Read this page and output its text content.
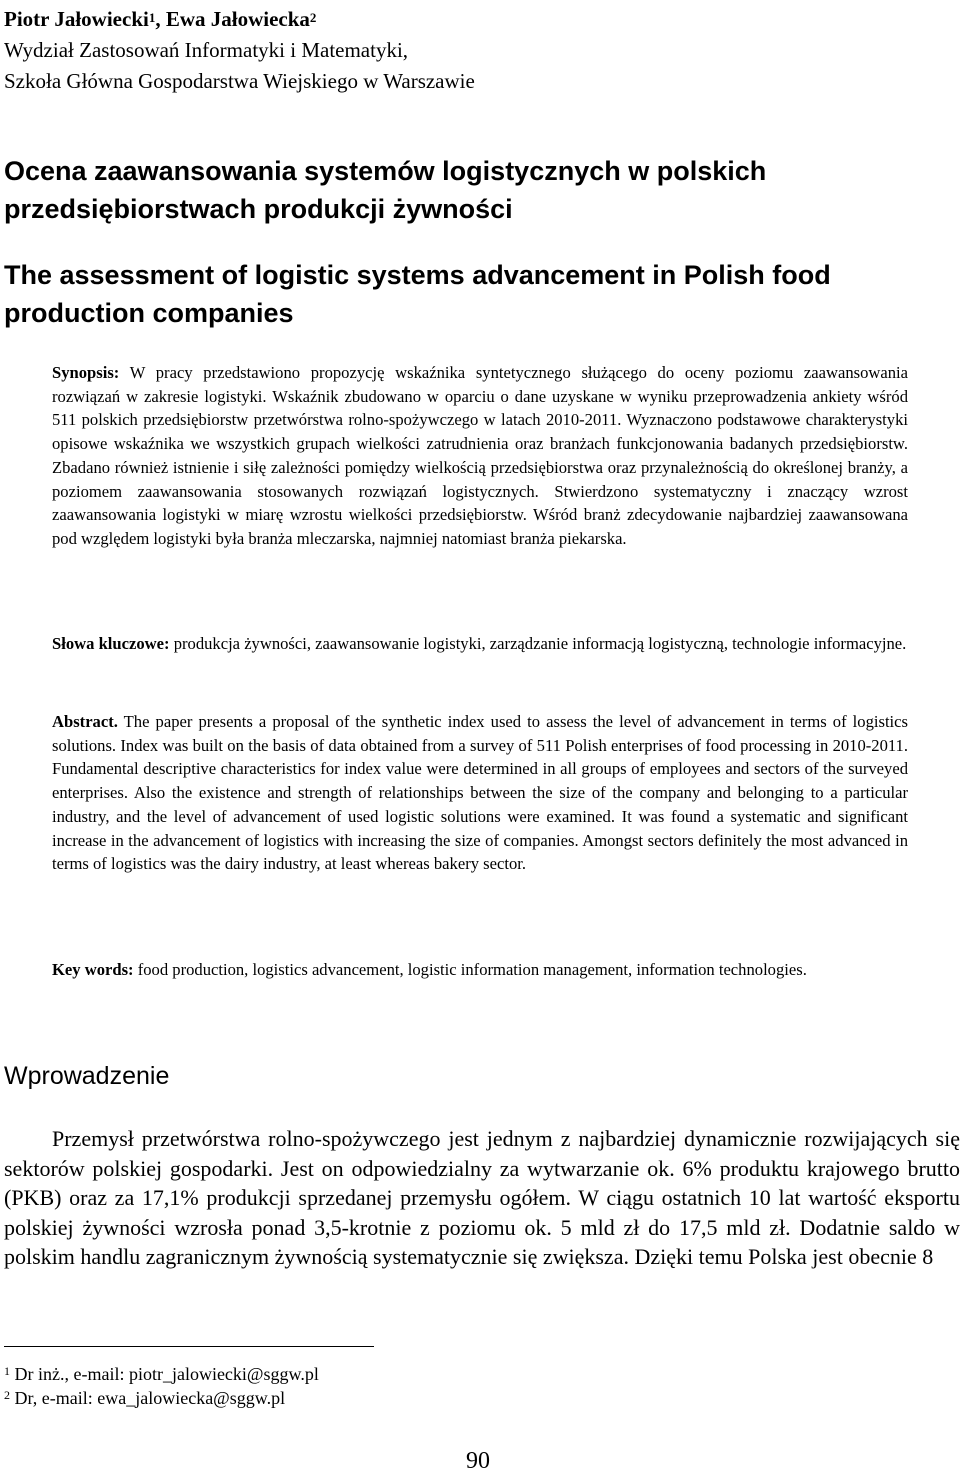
Piotr Jałowiecki$^1$, Ewa Jałowiecka$^2$
Wydział Zastosowań Informatyki i Matematyki,
Szkoła Główna Gospodarstwa Wiejskiego w Warszawie
Ocena zaawansowania systemów logistycznych w polskich przedsiębiorstwach produkcji żywności
The assessment of logistic systems advancement in Polish food production companies
Synopsis: W pracy przedstawiono propozycję wskaźnika syntetycznego służącego do oceny poziomu zaawansowania rozwiązań w zakresie logistyki. Wskaźnik zbudowano w oparciu o dane uzyskane w wyniku przeprowadzenia ankiety wśród 511 polskich przedsiębiorstw przetwórstwa rolno-spożywczego w latach 2010-2011. Wyznaczono podstawowe charakterystyki opisowe wskaźnika we wszystkich grupach wielkości zatrudnienia oraz branżach funkcjonowania badanych przedsiębiorstw. Zbadano również istnienie i siłę zależności pomiędzy wielkością przedsiębiorstwa oraz przynależnością do określonej branży, a poziomem zaawansowania stosowanych rozwiązań logistycznych. Stwierdzono systematyczny i znaczący wzrost zaawansowania logistyki w miarę wzrostu wielkości przedsiębiorstw. Wśród branż zdecydowanie najbardziej zaawansowana pod względem logistyki była branża mleczarska, najmniej natomiast branża piekarska.
Słowa kluczowe: produkcja żywności, zaawansowanie logistyki, zarządzanie informacją logistyczną, technologie informacyjne.
Abstract. The paper presents a proposal of the synthetic index used to assess the level of advancement in terms of logistics solutions. Index was built on the basis of data obtained from a survey of 511 Polish enterprises of food processing in 2010-2011. Fundamental descriptive characteristics for index value were determined in all groups of employees and sectors of the surveyed enterprises. Also the existence and strength of relationships between the size of the company and belonging to a particular industry, and the level of advancement of used logistic solutions were examined. It was found a systematic and significant increase in the advancement of logistics with increasing the size of companies. Amongst sectors definitely the most advanced in terms of logistics was the dairy industry, at least whereas bakery sector.
Key words: food production, logistics advancement, logistic information management, information technologies.
Wprowadzenie
Przemysł przetwórstwa rolno-spożywczego jest jednym z najbardziej dynamicznie rozwijających się sektorów polskiej gospodarki. Jest on odpowiedzialny za wytwarzanie ok. 6% produktu krajowego brutto (PKB) oraz za 17,1% produkcji sprzedanej przemysłu ogółem. W ciągu ostatnich 10 lat wartość eksportu polskiej żywności wzrosła ponad 3,5-krotnie z poziomu ok. 5 mld zł do 17,5 mld zł. Dodatnie saldo w polskim handlu zagranicznym żywnością systematycznie się zwiększa. Dzięki temu Polska jest obecnie 8
$^1$ Dr inż., e-mail: piotr_jalowiecki@sggw.pl
$^2$ Dr, e-mail: ewa_jalowiecka@sggw.pl
90
